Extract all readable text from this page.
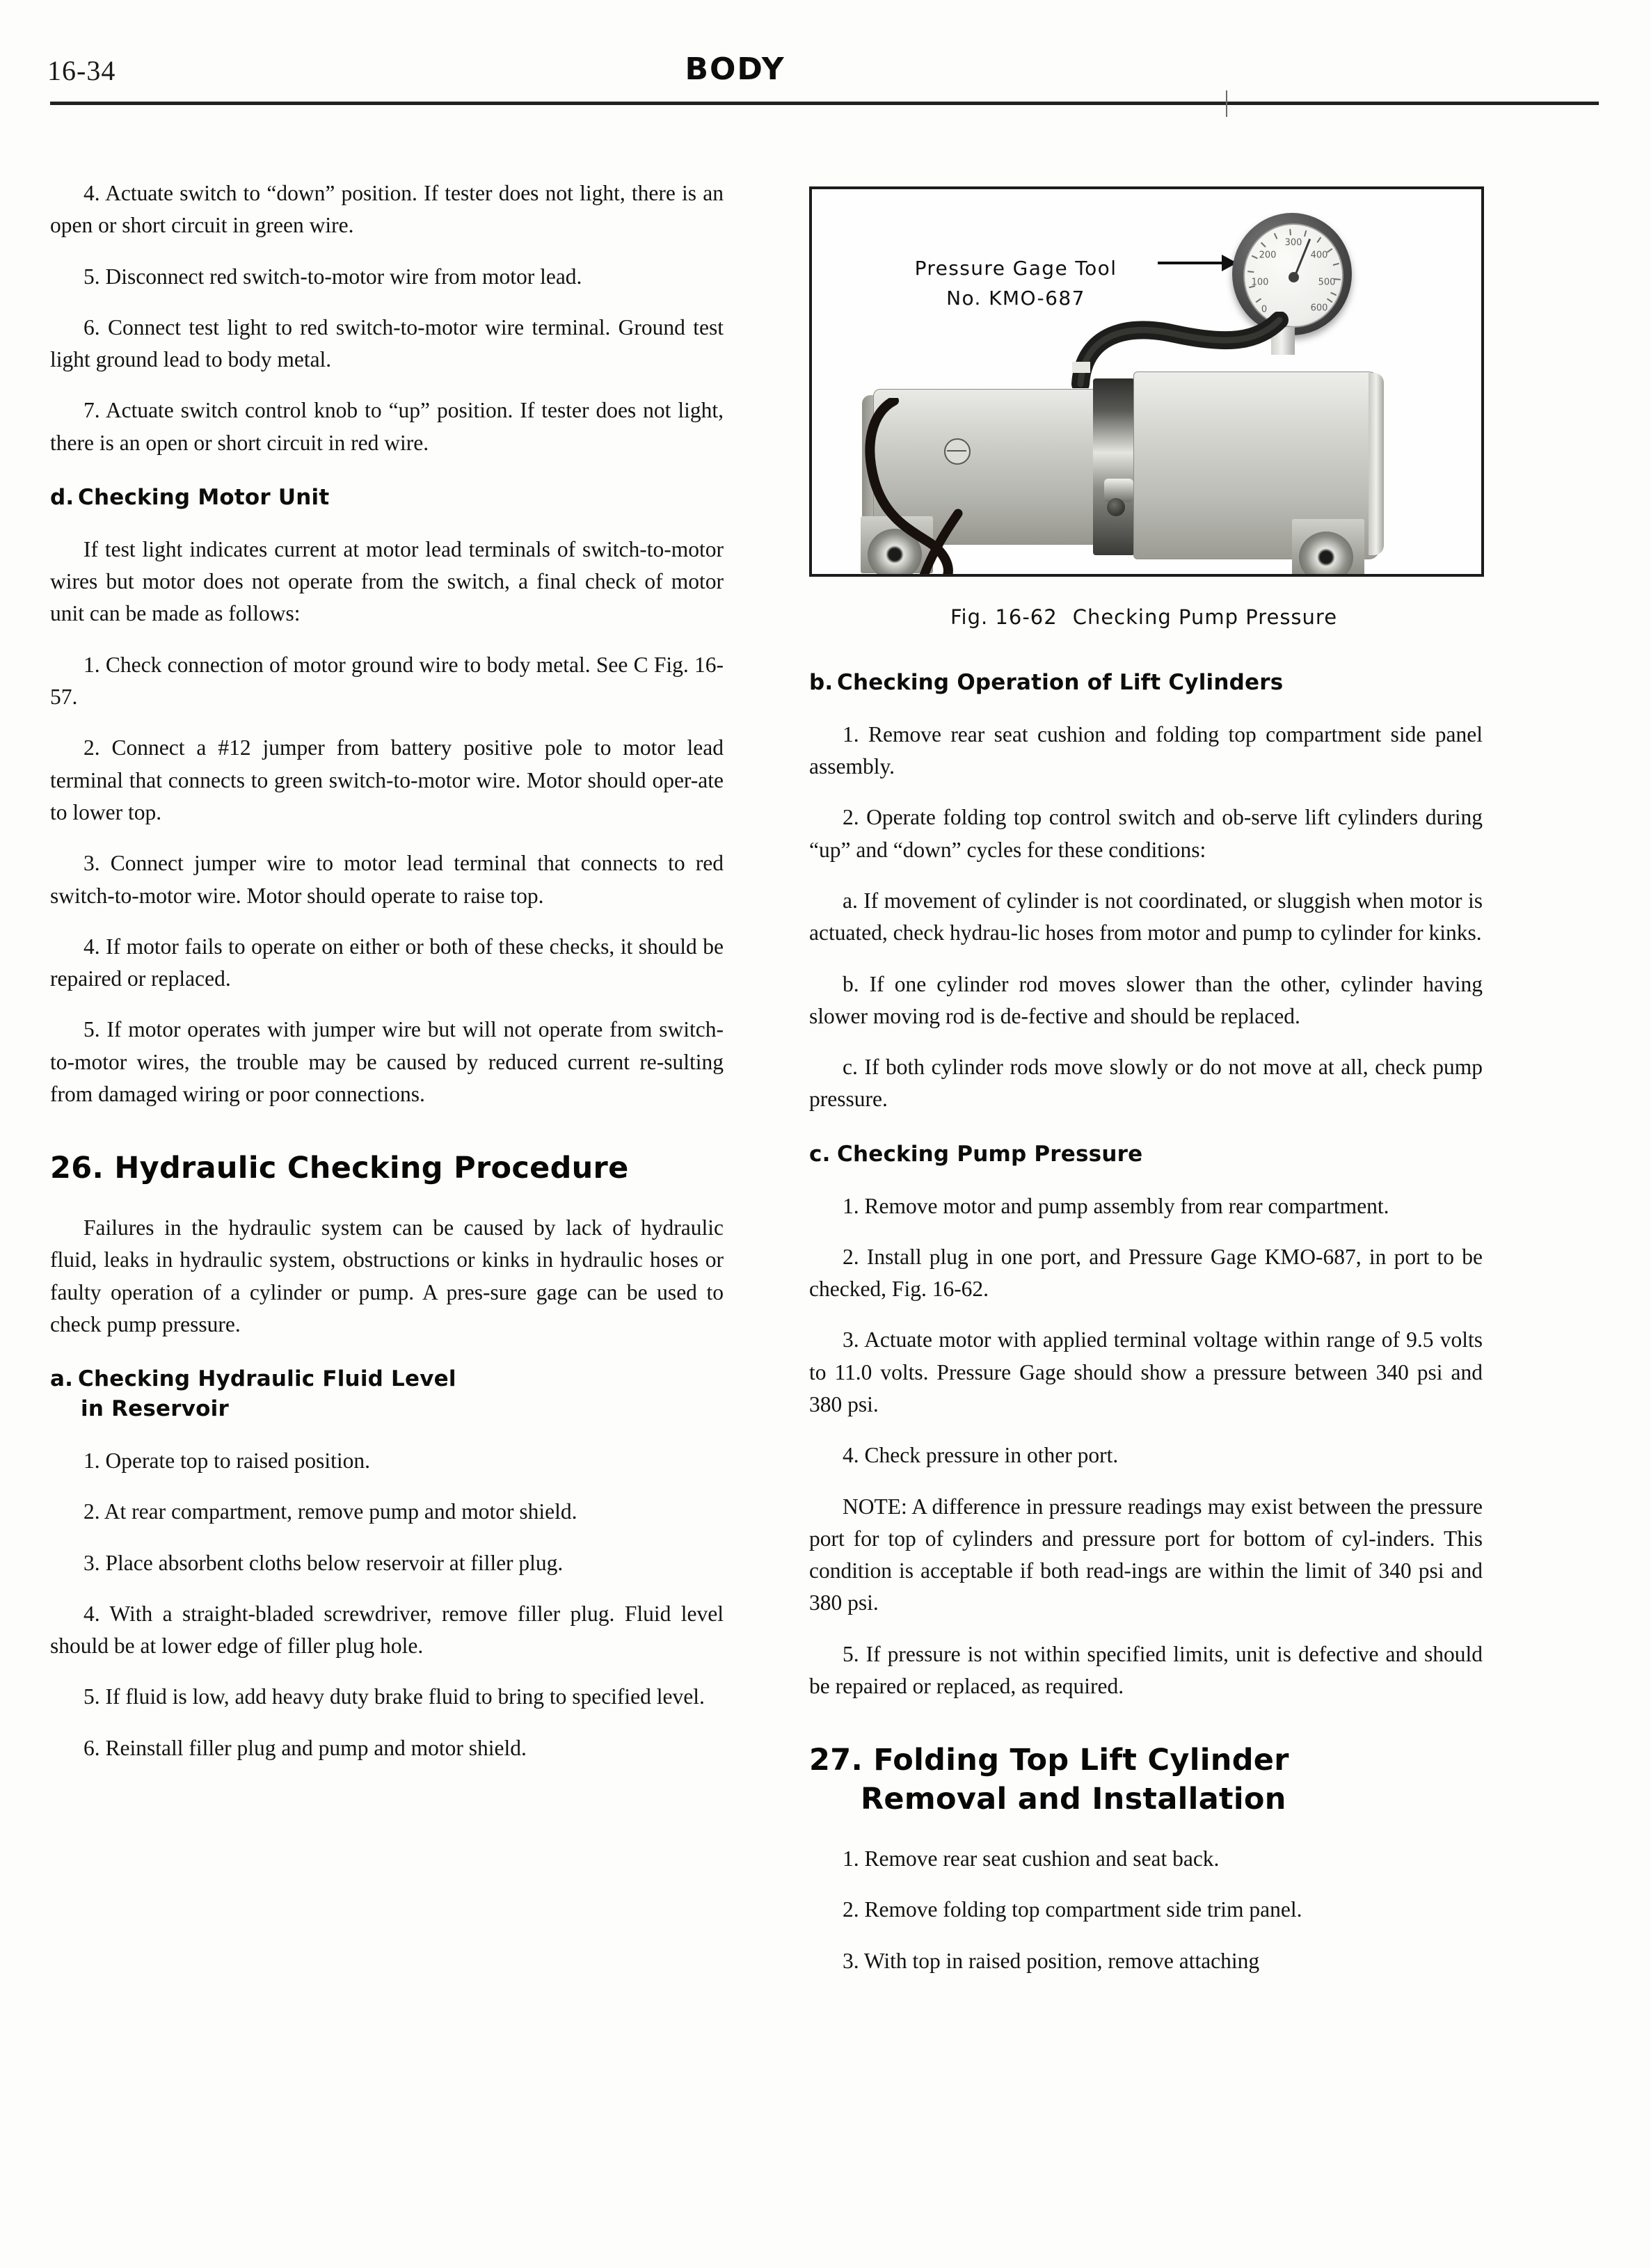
16-34	BODY
Pressure Gage Tool
No. KMO-687	0
100
200
300
400
500
600
Fig. 16-62 Checking Pump Pressure

4. Actuate switch to “down” position. If tester does not light, there is an open or short circuit in green wire.

5. Disconnect red switch-to-motor wire from motor lead.

6. Connect test light to red switch-to-motor wire terminal. Ground test light ground lead to body metal.

7. Actuate switch control knob to “up” position. If tester does not light, there is an open or short circuit in red wire.

d. Checking Motor Unit

If test light indicates current at motor lead terminals of switch-to-motor wires but motor does not operate from the switch, a final check of motor unit can be made as follows:

1. Check connection of motor ground wire to body metal. See C Fig. 16-57.

2. Connect a #12 jumper from battery positive pole to motor lead terminal that connects to green switch-to-motor wire. Motor should oper-ate to lower top.

3. Connect jumper wire to motor lead terminal that connects to red switch-to-motor wire. Motor should operate to raise top.

4. If motor fails to operate on either or both of these checks, it should be repaired or replaced.

5. If motor operates with jumper wire but will not operate from switch-to-motor wires, the trouble may be caused by reduced current re-sulting from damaged wiring or poor connections.

26. Hydraulic Checking Procedure

Failures in the hydraulic system can be caused by lack of hydraulic fluid, leaks in hydraulic system, obstructions or kinks in hydraulic hoses or faulty operation of a cylinder or pump. A pres-sure gage can be used to check pump pressure.

a. Checking Hydraulic Fluid Level
in Reservoir

1. Operate top to raised position.

2. At rear compartment, remove pump and motor shield.

3. Place absorbent cloths below reservoir at filler plug.

4. With a straight-bladed screwdriver, remove filler plug. Fluid level should be at lower edge of filler plug hole.

5. If fluid is low, add heavy duty brake fluid to bring to specified level.

6. Reinstall filler plug and pump and motor shield.

b. Checking Operation of Lift Cylinders

1. Remove rear seat cushion and folding top compartment side panel assembly.

2. Operate folding top control switch and ob-serve lift cylinders during “up” and “down” cycles for these conditions:

a. If movement of cylinder is not coordinated, or sluggish when motor is actuated, check hydrau-lic hoses from motor and pump to cylinder for kinks.

b. If one cylinder rod moves slower than the other, cylinder having slower moving rod is de-fective and should be replaced.

c. If both cylinder rods move slowly or do not move at all, check pump pressure.

c. Checking Pump Pressure

1. Remove motor and pump assembly from rear compartment.

2. Install plug in one port, and Pressure Gage KMO-687, in port to be checked, Fig. 16-62.

3. Actuate motor with applied terminal voltage within range of 9.5 volts to 11.0 volts. Pressure Gage should show a pressure between 340 psi and 380 psi.

4. Check pressure in other port.

NOTE: A difference in pressure readings may exist between the pressure port for top of cylinders and pressure port for bottom of cyl-inders. This condition is acceptable if both read-ings are within the limit of 340 psi and 380 psi.

5. If pressure is not within specified limits, unit is defective and should be repaired or replaced, as required.

27. Folding Top Lift Cylinder
Removal and Installation

1. Remove rear seat cushion and seat back.

2. Remove folding top compartment side trim panel.

3. With top in raised position, remove attaching
